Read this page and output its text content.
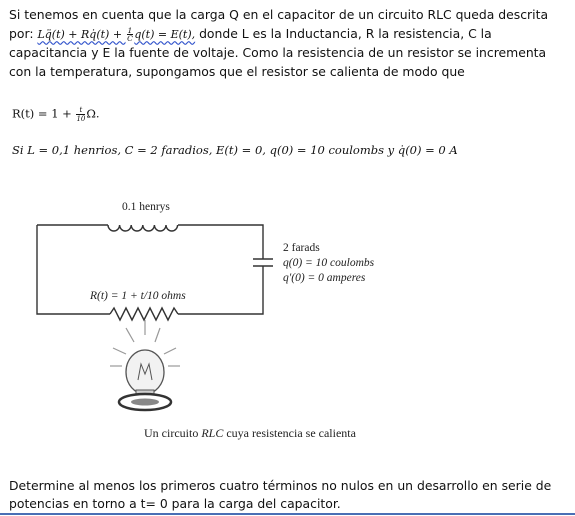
Si tenemos en cuenta que la carga Q en el capacitor de un circuito RLC queda descrita por: Lq̈(t) + Rq̇(t) + $\frac{1}{C} q(t) = E(t)$, donde L es la Inductancia, R la resistencia, C la capacitancia y E la fuente de voltaje. Como la resistencia de un resistor se incrementa con la temperatura, supongamos que el resistor se calienta de modo que
$R(t) = 1 + \frac{t}{10} \Omega$.
Si L = 0,1 henrios, C = 2 faradios, E(t) = 0, q(0) = 10 coulombs y q̇(0) = 0 A
0.1 henrys
2 farads
q(0) = 10 coulombs
q′(0) = 0 amperes
R(t) = 1 + t/10 ohms
Un circuito RLC cuya resistencia se calienta
Determine al menos los primeros cuatro términos no nulos en un desarrollo en serie de potencias en torno a t= 0 para la carga del capacitor.
